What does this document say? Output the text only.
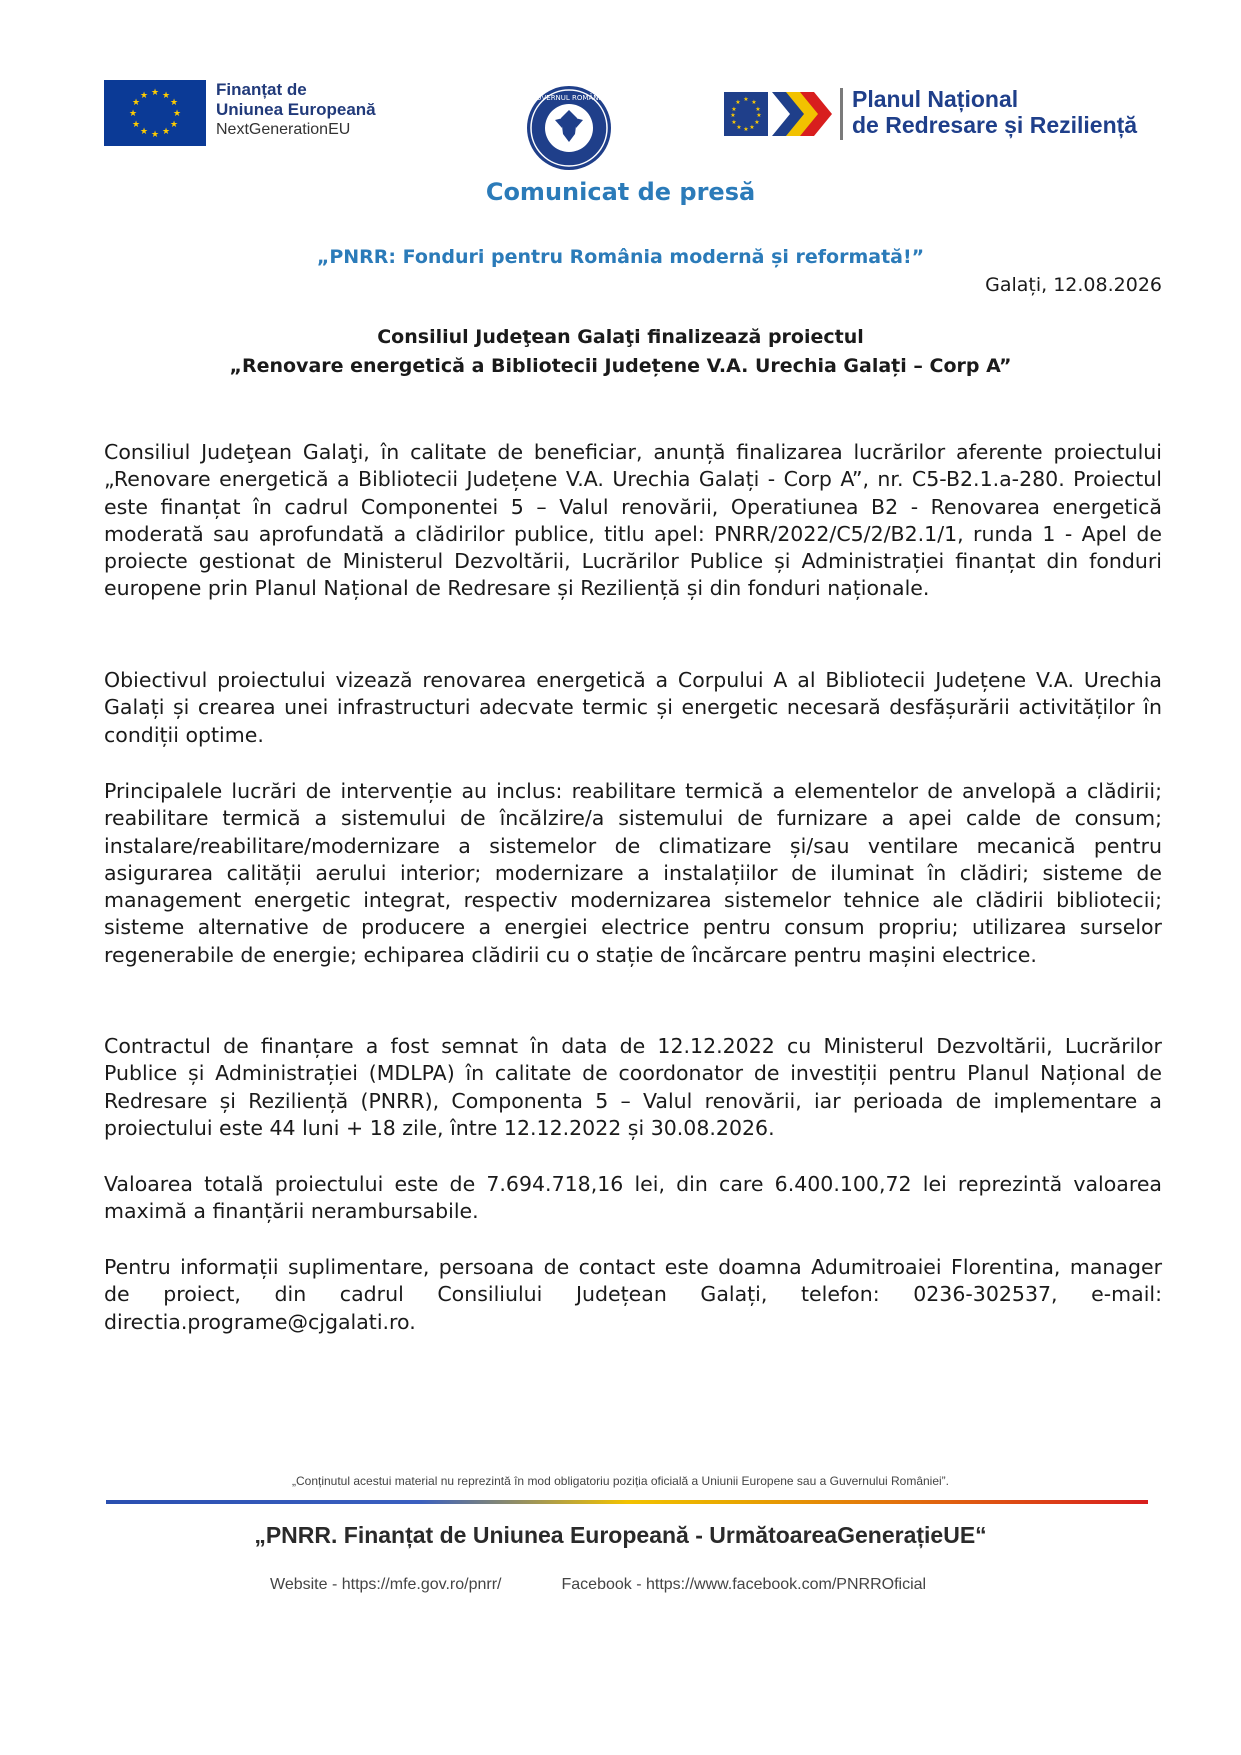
★ ★
★
★
★
★
★
★
★
★
★
★	Finanțat de
Uniunea Europeană
NextGenerationEU
GUVERNUL ROMÂNIEI	★ ★
★
★
★
★
★
★
★
★
★
★	Planul Național
de Redresare și Reziliență
Comunicat de presă
„PNRR: Fonduri pentru România modernă și reformată!”
Galați, 12.08.2026
Consiliul Judeţean Galaţi finalizează proiectul
„Renovare energetică a Bibliotecii Județene V.A. Urechia Galați – Corp A”

Consiliul Judeţean Galaţi, în calitate de beneficiar, anunță finalizarea lucrărilor aferente proiectului „Renovare energetică a Bibliotecii Județene V.A. Urechia Galați - Corp A”, nr. C5-B2.1.a-280. Proiectul este finanțat în cadrul Componentei 5 – Valul renovării, Operatiunea B2 - Renovarea energetică moderată sau aprofundată a clădirilor publice, titlu apel: PNRR/2022/C5/2/B2.1/1, runda 1 - Apel de proiecte gestionat de Ministerul Dezvoltării, Lucrărilor Publice și Administrației finanțat din fonduri europene prin Planul Național de Redresare și Reziliență și din fonduri naționale.

Obiectivul proiectului vizează renovarea energetică a Corpului A al Bibliotecii Județene V.A. Urechia Galați și crearea unei infrastructuri adecvate termic și energetic necesară desfășurării activităților în condiții optime.

Principalele lucrări de intervenție au inclus: reabilitare termică a elementelor de anvelopă a clădirii; reabilitare termică a sistemului de încălzire/a sistemului de furnizare a apei calde de consum; instalare/reabilitare/modernizare a sistemelor de climatizare și/sau ventilare mecanică pentru asigurarea calității aerului interior; modernizare a instalațiilor de iluminat în clădiri; sisteme de management energetic integrat, respectiv modernizarea sistemelor tehnice ale clădirii bibliotecii; sisteme alternative de producere a energiei electrice pentru consum propriu; utilizarea surselor regenerabile de energie; echiparea clădirii cu o stație de încărcare pentru mașini electrice.

Contractul de finanțare a fost semnat în data de 12.12.2022 cu Ministerul Dezvoltării, Lucrărilor Publice și Administrației (MDLPA) în calitate de coordonator de investiții pentru Planul Național de Redresare și Reziliență (PNRR), Componenta 5 – Valul renovării, iar perioada de implementare a proiectului este 44 luni + 18 zile, între 12.12.2022 și 30.08.2026.

Valoarea totală proiectului este de 7.694.718,16 lei, din care 6.400.100,72 lei reprezintă valoarea maximă a finanțării nerambursabile.

Pentru informații suplimentare, persoana de contact este doamna Adumitroaiei Florentina, manager de proiect, din cadrul Consiliului Județean Galați, telefon: 0236-302537, e-mail: directia.programe@cjgalati.ro.

„Conținutul acestui material nu reprezintă în mod obligatoriu poziția oficială a Uniunii Europene sau a Guvernului României”.
„PNRR. Finanțat de Uniunea Europeană - UrmătoareaGenerațieUE“
Website - https://mfe.gov.ro/pnrr/	Facebook - https://www.facebook.com/PNRROficial
